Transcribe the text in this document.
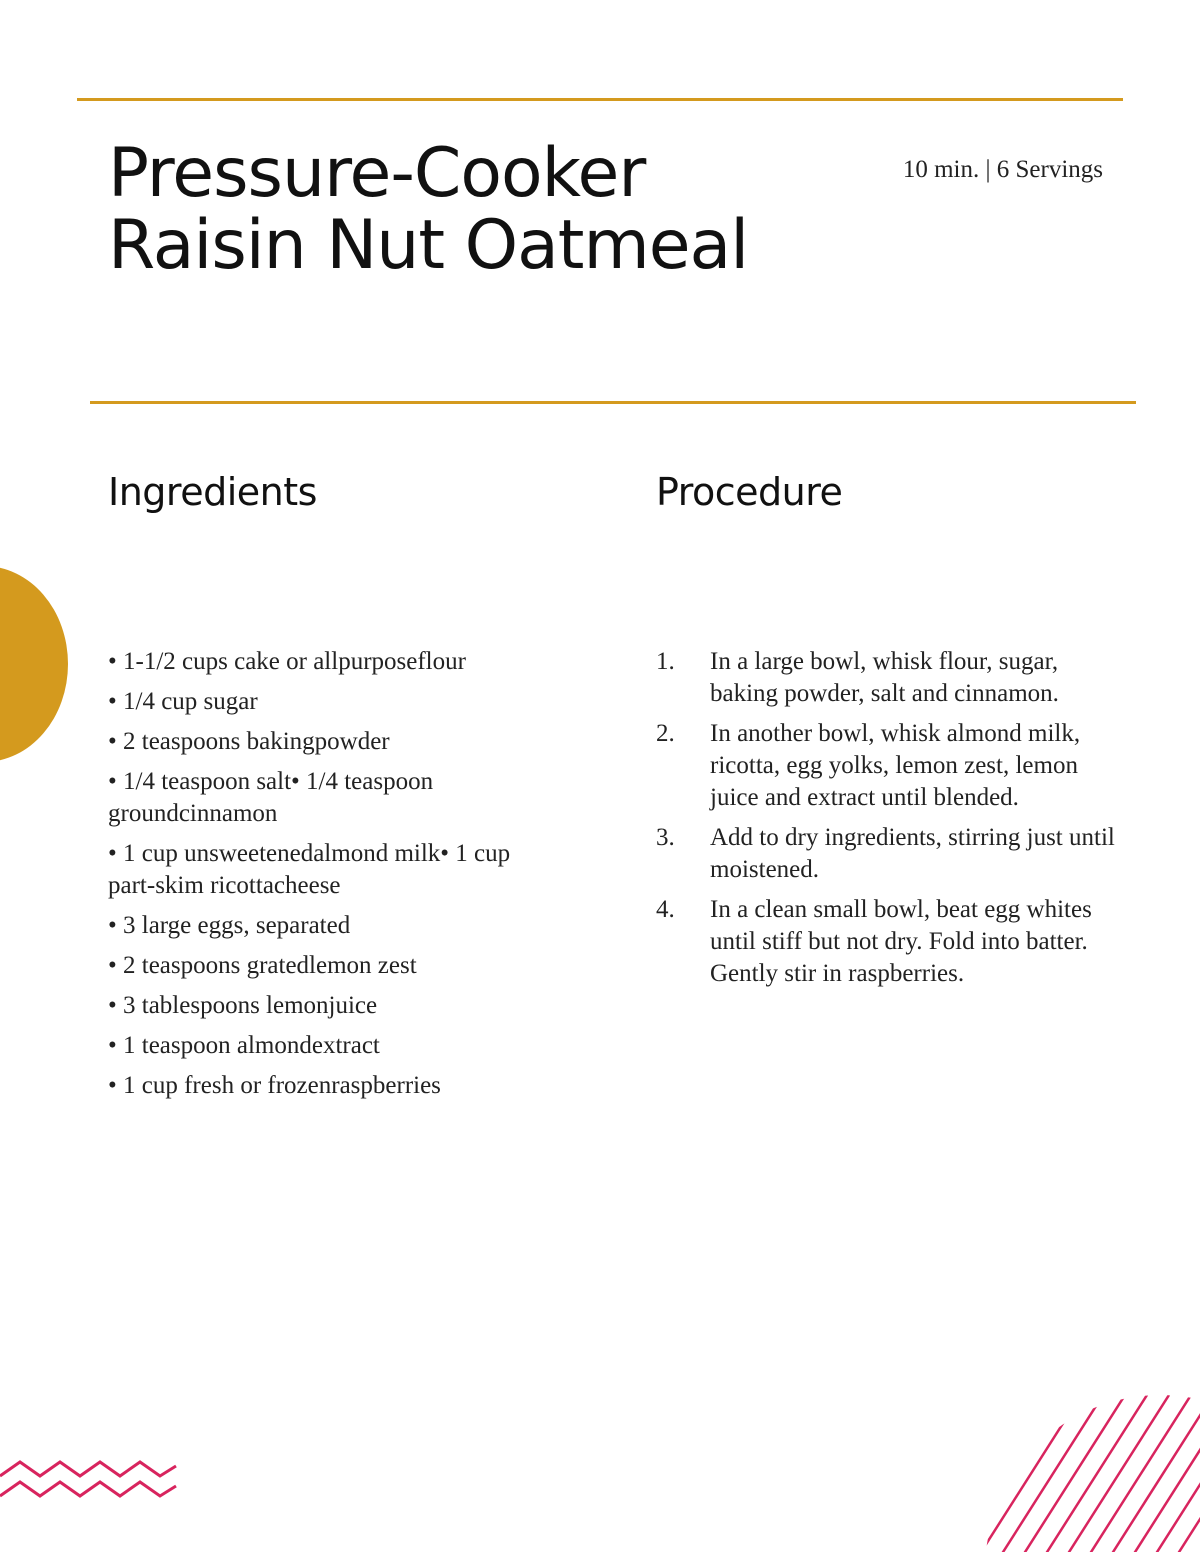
Pressure-Cooker
Raisin Nut Oatmeal
10 min. | 6 Servings
Ingredients	Procedure
• 1-1/2 cups cake or allpurposeflour
• 1/4 cup sugar
• 2 teaspoons bakingpowder
• 1/4 teaspoon salt• 1/4 teaspoon groundcinnamon
• 1 cup unsweetenedalmond milk• 1 cup part-skim ricottacheese
• 3 large eggs, separated
• 2 teaspoons gratedlemon zest
• 3 tablespoons lemonjuice
• 1 teaspoon almondextract
• 1 cup fresh or frozenraspberries
1.	In a large bowl, whisk flour, sugar, baking powder, salt and cinnamon.
2.	In another bowl, whisk almond milk, ricotta, egg yolks, lemon zest, lemon juice and extract until blended.
3.	Add to dry ingredients, stirring just until moistened.
4.	In a clean small bowl, beat egg whites until stiff but not dry. Fold into batter. Gently stir in raspberries.
